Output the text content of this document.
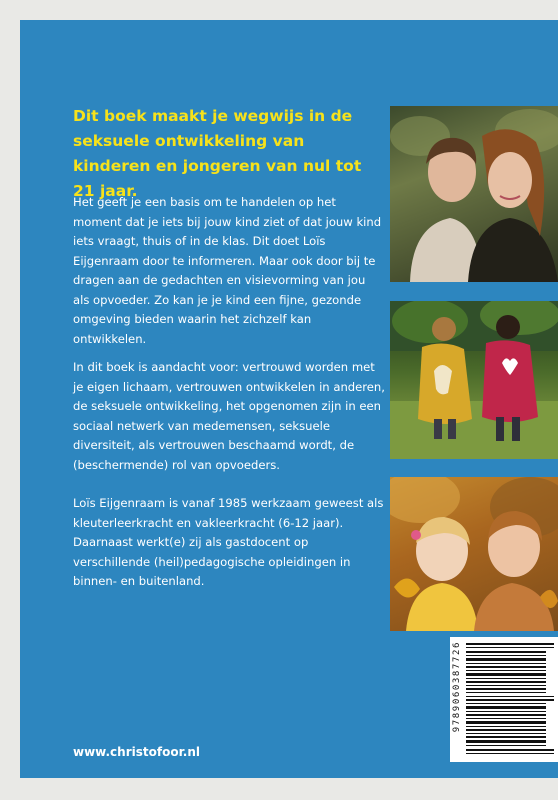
Dit boek maakt je wegwijs in de seksuele ontwikkeling van kinderen en jongeren van nul tot 21 jaar.

Het geeft je een basis om te handelen op het moment dat je iets bij jouw kind ziet of dat jouw kind iets vraagt, thuis of in de klas. Dit doet Loïs Eijgenraam door te informeren. Maar ook door bij te dragen aan de gedachten en visievorming van jou als opvoeder. Zo kan je je kind een fijne, gezonde omgeving bieden waarin het zichzelf kan ontwikkelen.

In dit boek is aandacht voor: vertrouwd worden met je eigen lichaam, vertrouwen ontwikkelen in anderen, de seksuele ontwikkeling, het opgenomen zijn in een sociaal netwerk van medemensen, seksuele diversiteit, als vertrouwen beschaamd wordt, de (beschermende) rol van opvoeders.

Loïs Eijgenraam is vanaf 1985 werkzaam geweest als kleuterleerkracht en vakleerkracht (6-12 jaar). Daarnaast werkt(e) zij als gastdocent op verschillende (heil)pedagogische opleidingen in binnen- en buitenland.

www.christofoor.nl

9789060387726
